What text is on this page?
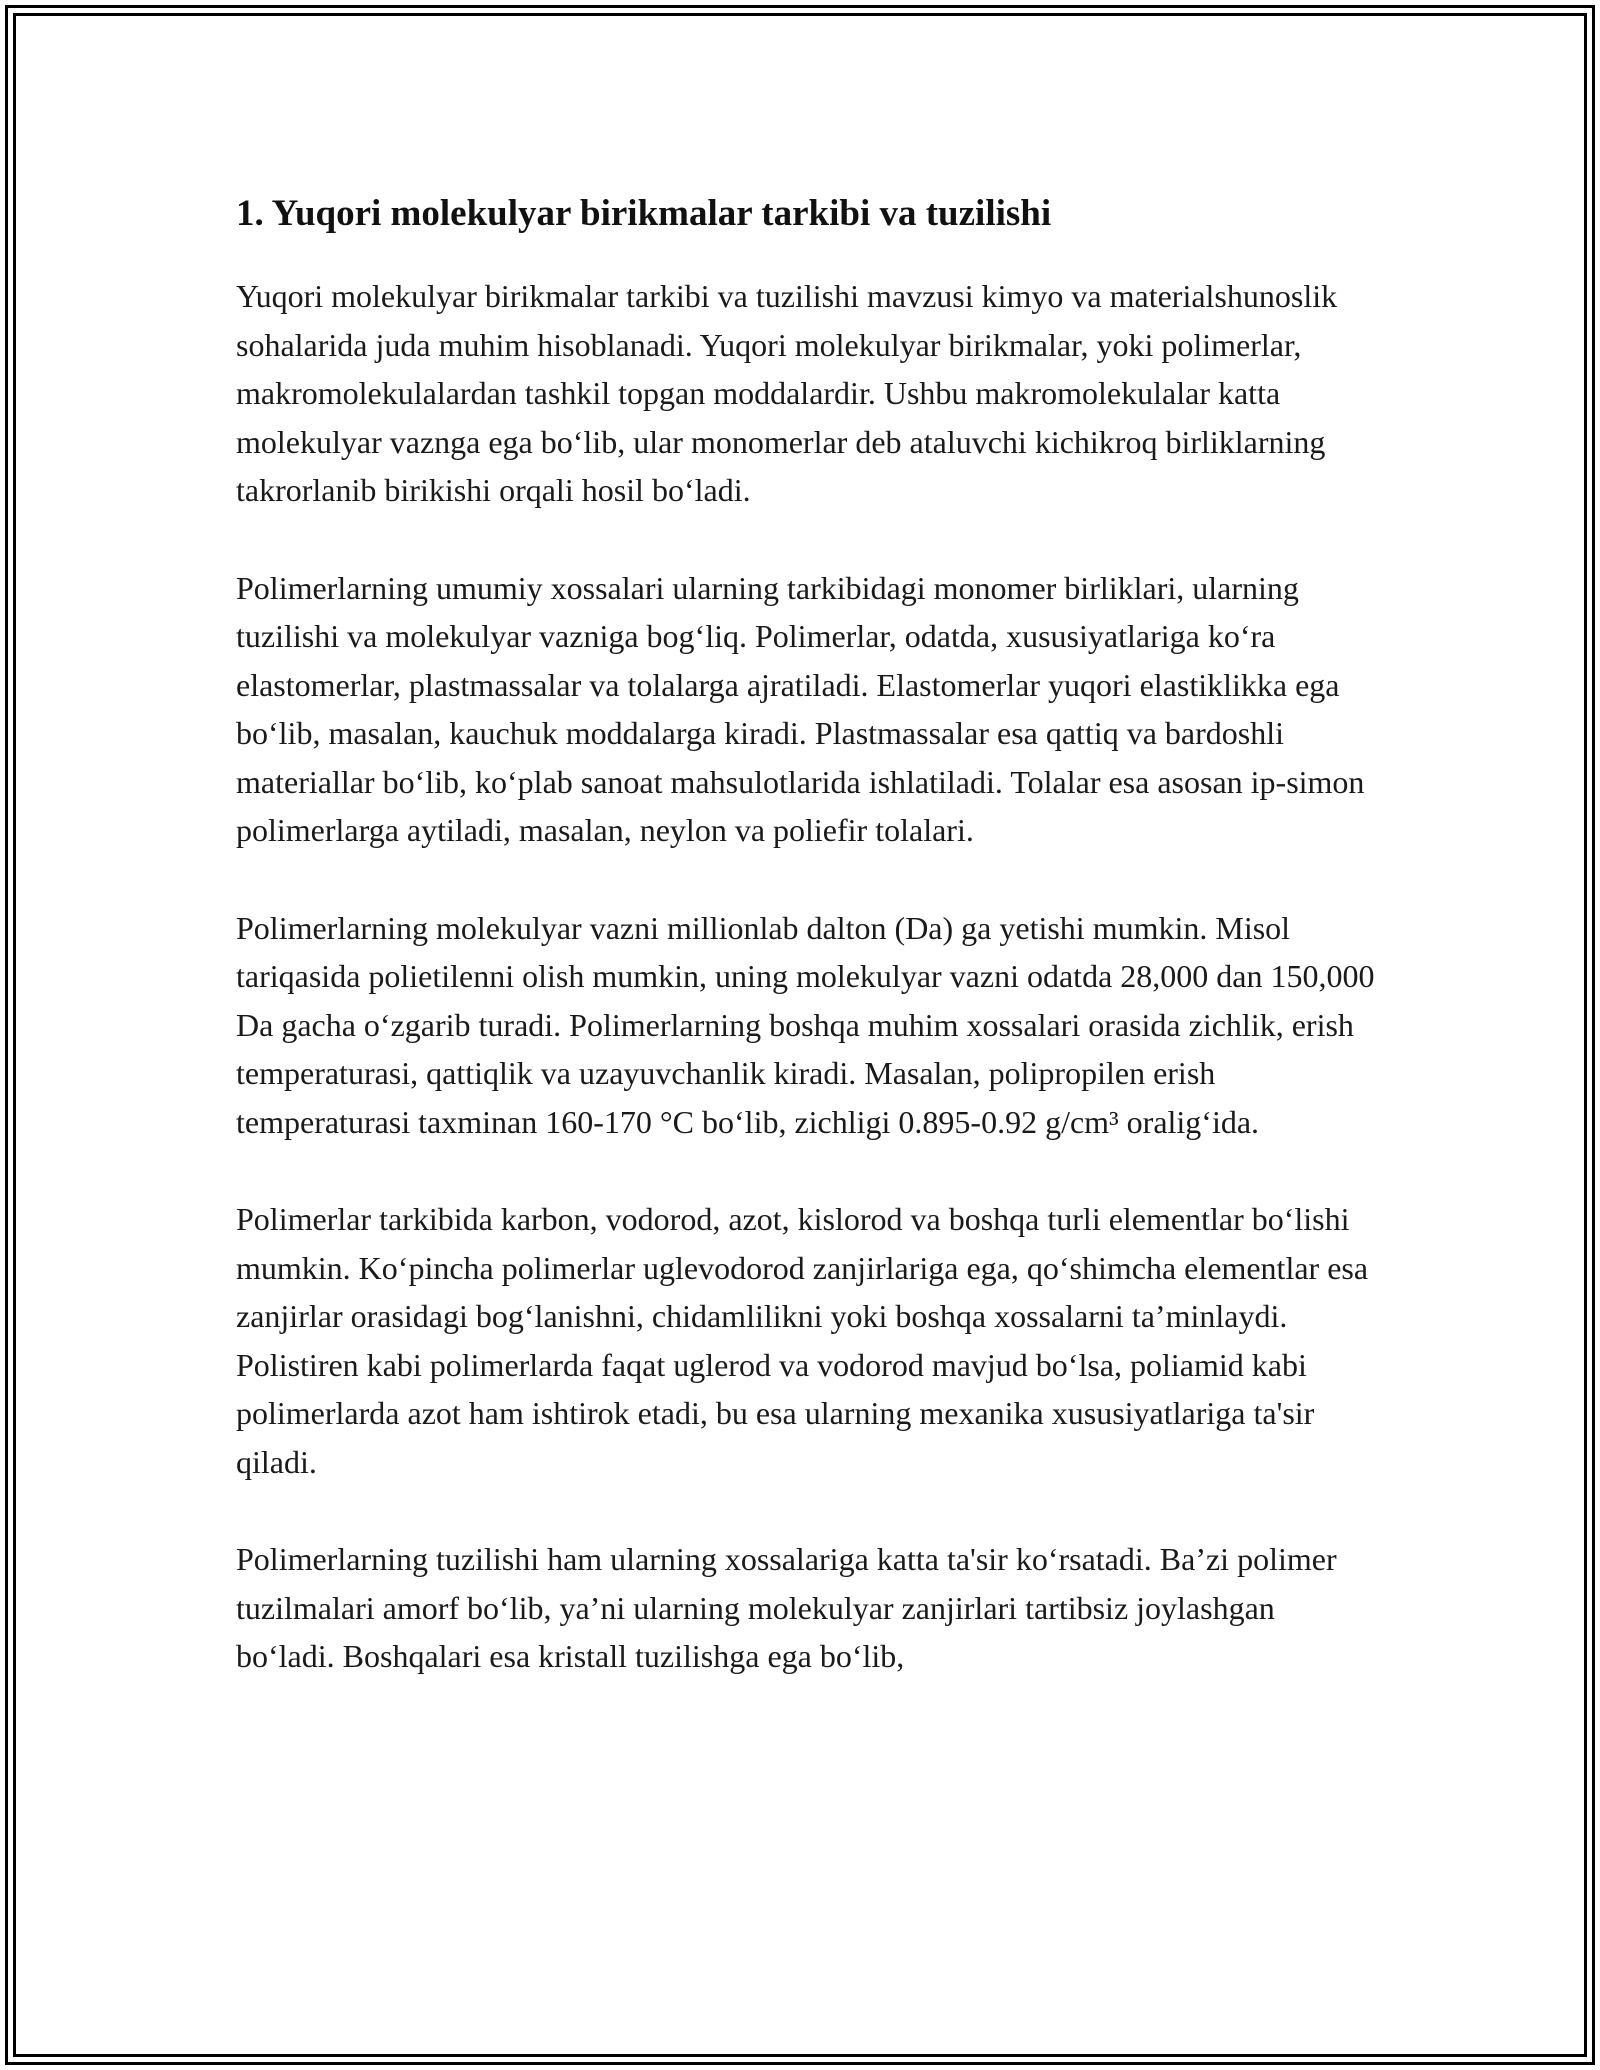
1. Yuqori molekulyar birikmalar tarkibi va tuzilishi

Yuqori molekulyar birikmalar tarkibi va tuzilishi mavzusi kimyo va materialshunoslik sohalarida juda muhim hisoblanadi. Yuqori molekulyar birikmalar, yoki polimerlar, makromolekulalardan tashkil topgan moddalardir. Ushbu makromolekulalar katta molekulyar vaznga ega bo‘lib, ular monomerlar deb ataluvchi kichikroq birliklarning takrorlanib birikishi orqali hosil bo‘ladi.

Polimerlarning umumiy xossalari ularning tarkibidagi monomer birliklari, ularning tuzilishi va molekulyar vazniga bog‘liq. Polimerlar, odatda, xususiyatlariga ko‘ra elastomerlar, plastmassalar va tolalarga ajratiladi. Elastomerlar yuqori elastiklikka ega bo‘lib, masalan, kauchuk moddalarga kiradi. Plastmassalar esa qattiq va bardoshli materiallar bo‘lib, ko‘plab sanoat mahsulotlarida ishlatiladi. Tolalar esa asosan ip-simon polimerlarga aytiladi, masalan, neylon va poliefir tolalari.

Polimerlarning molekulyar vazni millionlab dalton (Da) ga yetishi mumkin. Misol tariqasida polietilenni olish mumkin, uning molekulyar vazni odatda 28,000 dan 150,000 Da gacha o‘zgarib turadi. Polimerlarning boshqa muhim xossalari orasida zichlik, erish temperaturasi, qattiqlik va uzayuvchanlik kiradi. Masalan, polipropilen erish temperaturasi taxminan 160-170 °C bo‘lib, zichligi 0.895-0.92 g/cm³ oralig‘ida.

Polimerlar tarkibida karbon, vodorod, azot, kislorod va boshqa turli elementlar bo‘lishi mumkin. Ko‘pincha polimerlar uglevodorod zanjirlariga ega, qo‘shimcha elementlar esa zanjirlar orasidagi bog‘lanishni, chidamlilikni yoki boshqa xossalarni ta’minlaydi. Polistiren kabi polimerlarda faqat uglerod va vodorod mavjud bo‘lsa, poliamid kabi polimerlarda azot ham ishtirok etadi, bu esa ularning mexanika xususiyatlariga ta'sir qiladi.

Polimerlarning tuzilishi ham ularning xossalariga katta ta'sir ko‘rsatadi. Ba’zi polimer tuzilmalari amorf bo‘lib, ya’ni ularning molekulyar zanjirlari tartibsiz joylashgan bo‘ladi. Boshqalari esa kristall tuzilishga ega bo‘lib,
